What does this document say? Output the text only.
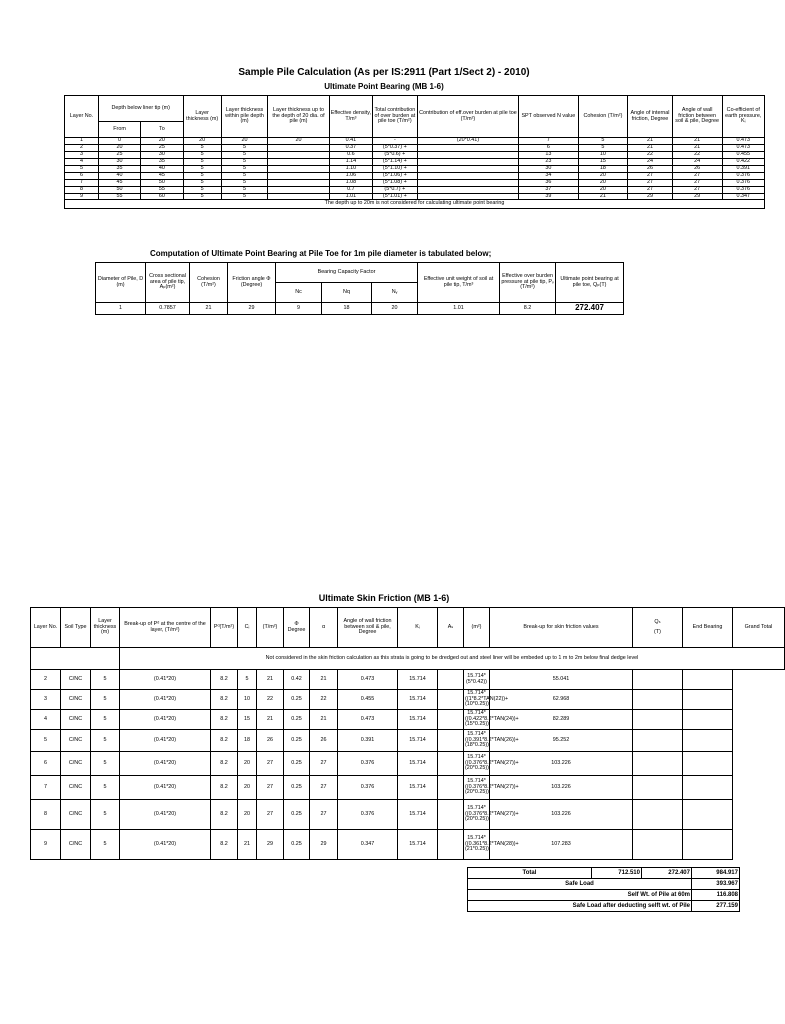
Sample Pile Calculation (As per IS:2911 (Part 1/Sect 2) - 2010)
Ultimate Point Bearing (MB 1-6)
Layer No.	Depth below liner tip (m)		Layer thickness (m)	Layer thickness within pile depth (m)	Layer thickness up to the depth of 20 dia. of pile (m)	Effective density, T/m³	Total contribution of over burden at pile toe (T/m²)	Contribution of eff.over burden at pile toe (T/m²)	SPT observed N value	Cohesion (T/m²)	Angle of internal friction, Degree	Angle of wall friction between soil & pile, Degree	Co-efficient of earth pressure, Kᵢ
	From	To											
1	0	20	20	20	20	0.41	-	(20*0.41)	7	5	21	21	0.473
2	20	25	5	5		0.37	(5*0.37) +		6	5	21	21	0.473
3	25	30	5	5		0.6	(5*0.6) +		13	10	22	22	0.455
4	30	35	5	5		1.14	(5*1.14) +		23	15	24	24	0.422
5	35	40	5	5		1.10	(5*1.10) +		30	18	26	26	0.391
6	40	45	5	5		1.06	(5*1.06) +		34	20	27	27	0.376
7	45	50	5	5		1.08	(5*1.08) +		36	20	27	27	0.376
8	50	55	5	5		0.7	(5*0.7) +		37	20	27	27	0.376
9	55	60	5	5		1.01	(5*1.01) +		39	21	29	29	0.347
The depth up to 20m is not considered for calculating ultimate point bearing													
Computation of Ultimate Point Bearing at Pile Toe for 1m pile diameter is tabulated below;
Diameter of Pile, D (m)	Cross sectional area of pile tip, Aₚ(m²)	Cohesion (T/m²)	Friction angle Φ (Degree)	Bearing Capacity Factor			Effective unit weight of soil at pile tip, T/m³	Effective over burden pressure at pile tip, Pᵥ (T/m²)	Ultimate point bearing at pile toe, Qₚ(T)
				Nc	Nq	Nᵧ			
1	0.7857	21	29	9	18	20	1.01	8.2	272.407
Ultimate Skin Friction (MB 1-6)
Layer No.	Soil Type	Layer thickness (m)	Break-up of Pᵈ at the centre of the layer, (T/m²)	Pᵈ(T/m²)	Cᵢ	(T/m²)	Φ Degree	α	Angle of wall friction between soil & pile, Degree	Kᵢ	Aₛ	(m²)	Break-up for skin friction values	Qₛ
(T)	End Bearing	Grand Total
			Not considered in the skin friction calculation as this strata is going to be dredged out and steel liner will be embeded up to 1 m to 2m below final dedge level													
2	C/NC	5	(0.41*20)	8.2	5	21	0.42	21	0.473	15.714		15.714*(5*0.42))	55.041			
3	C/NC	5	(0.41*20)	8.2	10	22	0.25	22	0.455	15.714		15.714*((1*8.2*TAN(22))+(10*0.25))	62.968			
4	C/NC	5	(0.41*20)	8.2	15	21	0.25	21	0.473	15.714		15.714*((0.422*8.2*TAN(24))+(15*0.25))	82.289			
5	C/NC	5	(0.41*20)	8.2	18	26	0.25	26	0.391	15.714		15.714*((0.391*8.2*TAN(26))+(18*0.25))	95.252			
6	C/NC	5	(0.41*20)	8.2	20	27	0.25	27	0.376	15.714		15.714*((0.376*8.2*TAN(27))+(20*0.25))	103.226			
7	C/NC	5	(0.41*20)	8.2	20	27	0.25	27	0.376	15.714		15.714*((0.376*8.2*TAN(27))+(20*0.25))	103.226			
8	C/NC	5	(0.41*20)	8.2	20	27	0.25	27	0.376	15.714		15.714*((0.376*8.2*TAN(27))+(20*0.25))	103.226			
9	C/NC	5	(0.41*20)	8.2	21	29	0.25	29	0.347	15.714		15.714*((0.361*8.2*TAN(28))+(21*0.25))	107.283			
Total	712.510	272.407	984.917
Safe Load			393.967
Self Wt. of Pile at 60m			116.808
Safe Load after deducting selft wt. of Pile			277.159
